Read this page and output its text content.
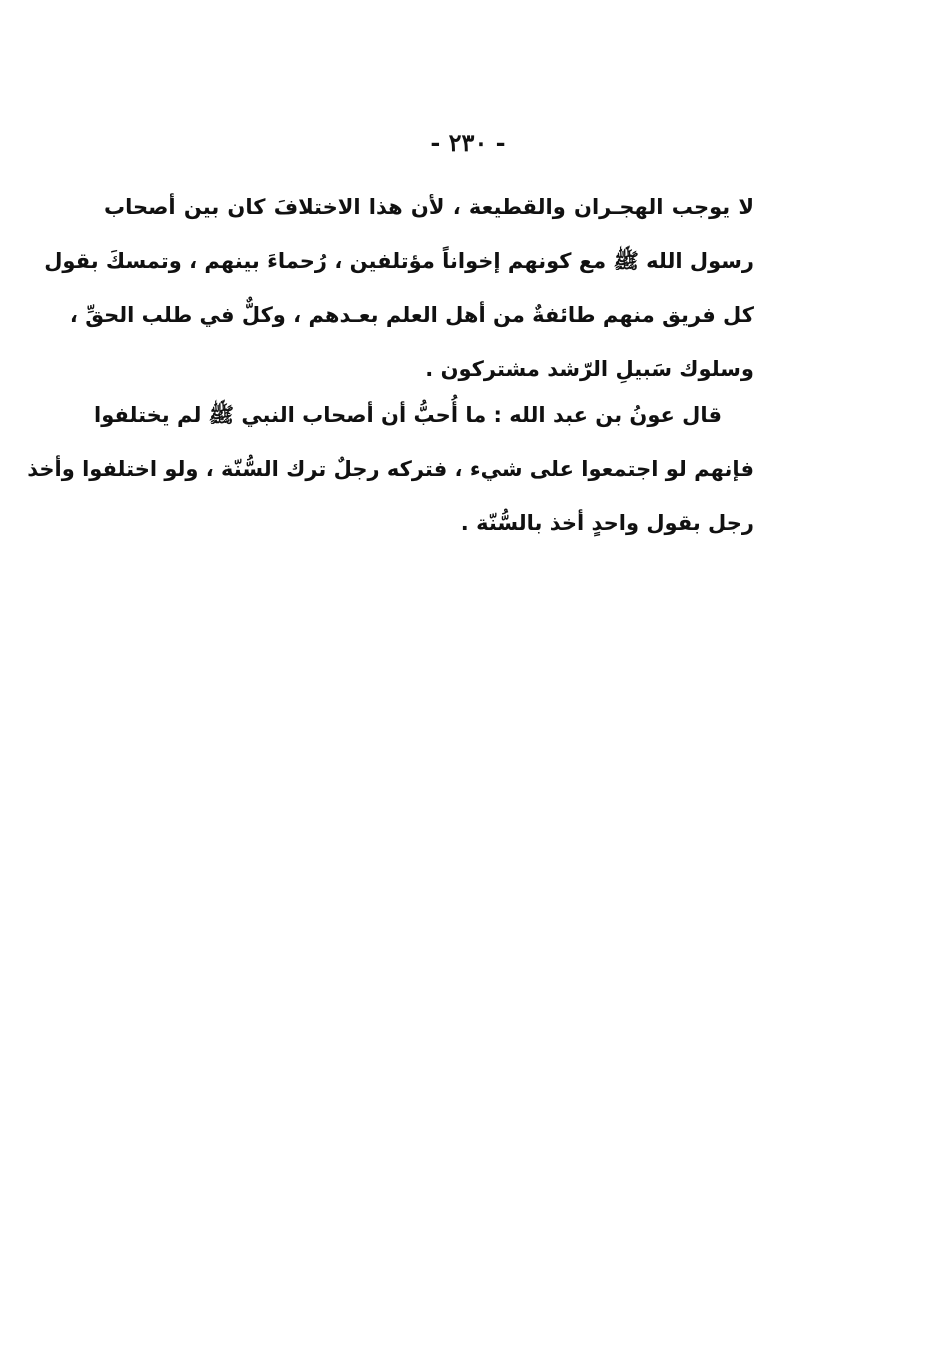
- ٢٣٠ -
لا يوجب الهجـران والقطيعة ، لأن هذا الاختلافَ كان بين أصحاب
رسول الله ﷺ مع كونهم إخواناً مؤتلفين ، رُحماءَ بينهم ، وتمسكَ بقول
كل فريق منهم طائفةٌ من أهل العلم بعـدهم ، وكلٌّ في طلب الحقِّ ،
وسلوك سَبيلِ الرّشد مشتركون .
قال عونُ بن عبد الله : ما أُحبُّ أن أصحاب النبي ﷺ لم يختلفوا
فإنهم لو اجتمعوا على شيء ، فتركه رجلٌ ترك السُّنّة ، ولو اختلفوا وأخذ
رجل بقول واحدٍ أخذ بالسُّنّة .
